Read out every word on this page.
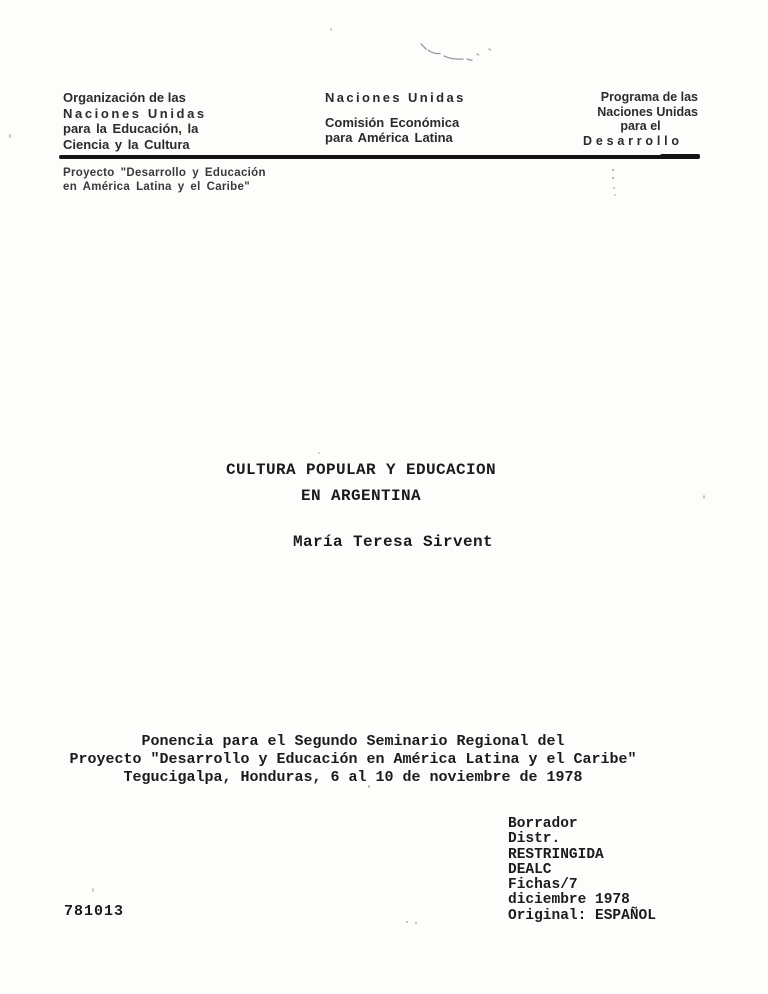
Organización de las
Naciones Unidas
para la Educación, la
Ciencia y la Cultura
Naciones Unidas
Comisión Económica
para América Latina
Programa de las
Naciones Unidas
para el
Desarrollo
Proyecto "Desarrollo y Educación
en América Latina y el Caribe"
CULTURA POPULAR Y EDUCACION
EN ARGENTINA
María Teresa Sirvent
Ponencia para el Segundo Seminario Regional del
Proyecto "Desarrollo y Educación en América Latina y el Caribe"
Tegucigalpa, Honduras, 6 al 10 de noviembre de 1978
Borrador
Distr.
RESTRINGIDA
DEALC
Fichas/7
diciembre 1978
Original: ESPAÑOL
781013
